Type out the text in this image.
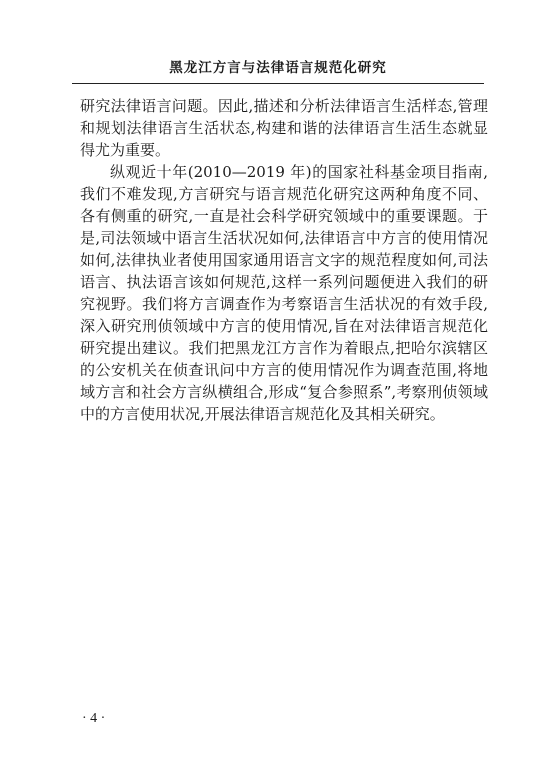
黑龙江方言与法律语言规范化研究

研究法律语言问题。因此,描述和分析法律语言生活样态,管理和规划法律语言生活状态,构建和谐的法律语言生活生态就显得尤为重要。

纵观近十年(2010—2019 年)的国家社科基金项目指南,我们不难发现,方言研究与语言规范化研究这两种角度不同、各有侧重的研究,一直是社会科学研究领域中的重要课题。于是,司法领域中语言生活状况如何,法律语言中方言的使用情况如何,法律执业者使用国家通用语言文字的规范程度如何,司法语言、执法语言该如何规范,这样一系列问题便进入我们的研究视野。我们将方言调查作为考察语言生活状况的有效手段,深入研究刑侦领域中方言的使用情况,旨在对法律语言规范化研究提出建议。我们把黑龙江方言作为着眼点,把哈尔滨辖区的公安机关在侦查讯问中方言的使用情况作为调查范围,将地域方言和社会方言纵横组合,形成“复合参照系”,考察刑侦领域中的方言使用状况,开展法律语言规范化及其相关研究。

· 4 ·
